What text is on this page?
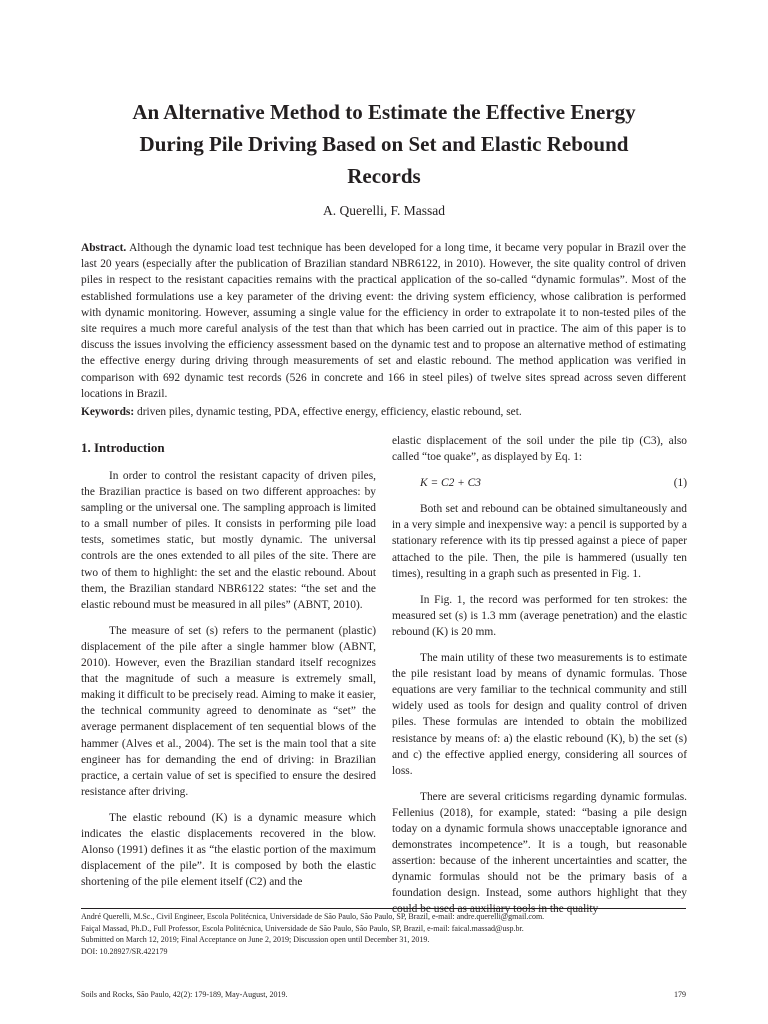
An Alternative Method to Estimate the Effective Energy
During Pile Driving Based on Set and Elastic Rebound
Records

A. Querelli, F. Massad

Abstract. Although the dynamic load test technique has been developed for a long time, it became very popular in Brazil over the last 20 years (especially after the publication of Brazilian standard NBR6122, in 2010). However, the site quality control of driven piles in respect to the resistant capacities remains with the practical application of the so-called “dynamic formulas”. Most of the established formulations use a key parameter of the driving event: the driving system efficiency, whose calibration is performed with dynamic monitoring. However, assuming a single value for the efficiency in order to extrapolate it to non-tested piles of the site requires a much more careful analysis of the test than that which has been carried out in practice. The aim of this paper is to discuss the issues involving the efficiency assessment based on the dynamic test and to propose an alternative method of estimating the effective energy during driving through measurements of set and elastic rebound. The method application was verified in comparison with 692 dynamic test records (526 in concrete and 166 in steel piles) of twelve sites spread across seven different locations in Brazil.

Keywords: driven piles, dynamic testing, PDA, effective energy, efficiency, elastic rebound, set.

1. Introduction

In order to control the resistant capacity of driven piles, the Brazilian practice is based on two different approaches: by sampling or the universal one. The sampling approach is limited to a small number of piles. It consists in performing pile load tests, sometimes static, but mostly dynamic. The universal controls are the ones extended to all piles of the site. There are two of them to highlight: the set and the elastic rebound. About them, the Brazilian standard NBR6122 states: “the set and the elastic rebound must be measured in all piles” (ABNT, 2010).

The measure of set (s) refers to the permanent (plastic) displacement of the pile after a single hammer blow (ABNT, 2010). However, even the Brazilian standard itself recognizes that the magnitude of such a measure is extremely small, making it difficult to be precisely read. Aiming to make it easier, the technical community agreed to denominate as “set” the average permanent displacement of ten sequential blows of the hammer (Alves et al., 2004). The set is the main tool that a site engineer has for demanding the end of driving: in Brazilian practice, a certain value of set is specified to ensure the desired resistance after driving.

The elastic rebound (K) is a dynamic measure which indicates the elastic displacements recovered in the blow. Alonso (1991) defines it as “the elastic portion of the maximum displacement of the pile”. It is composed by both the elastic shortening of the pile element itself (C2) and the

elastic displacement of the soil under the pile tip (C3), also called “toe quake”, as displayed by Eq. 1:

K = C2 + C3	(1)

Both set and rebound can be obtained simultaneously and in a very simple and inexpensive way: a pencil is supported by a stationary reference with its tip pressed against a piece of paper attached to the pile. Then, the pile is hammered (usually ten times), resulting in a graph such as presented in Fig. 1.

In Fig. 1, the record was performed for ten strokes: the measured set (s) is 1.3 mm (average penetration) and the elastic rebound (K) is 20 mm.

The main utility of these two measurements is to estimate the pile resistant load by means of dynamic formulas. Those equations are very familiar to the technical community and still widely used as tools for design and quality control of driven piles. These formulas are intended to obtain the mobilized resistance by means of: a) the elastic rebound (K), b) the set (s) and c) the effective applied energy, considering all sources of loss.

There are several criticisms regarding dynamic formulas. Fellenius (2018), for example, stated: “basing a pile design today on a dynamic formula shows unacceptable ignorance and demonstrates incompetence”. It is a tough, but reasonable assertion: because of the inherent uncertainties and scatter, the dynamic formulas should not be the primary basis of a foundation design. Instead, some authors highlight that they could be used as auxiliary tools in the quality

André Querelli, M.Sc., Civil Engineer, Escola Politécnica, Universidade de São Paulo, São Paulo, SP, Brazil, e-mail: andre.querelli@gmail.com.
Faiçal Massad, Ph.D., Full Professor, Escola Politécnica, Universidade de São Paulo, São Paulo, SP, Brazil, e-mail: faical.massad@usp.br.
Submitted on March 12, 2019; Final Acceptance on June 2, 2019; Discussion open until December 31, 2019.
DOI: 10.28927/SR.422179
Soils and Rocks, São Paulo, 42(2): 179-189, May-August, 2019.	179
